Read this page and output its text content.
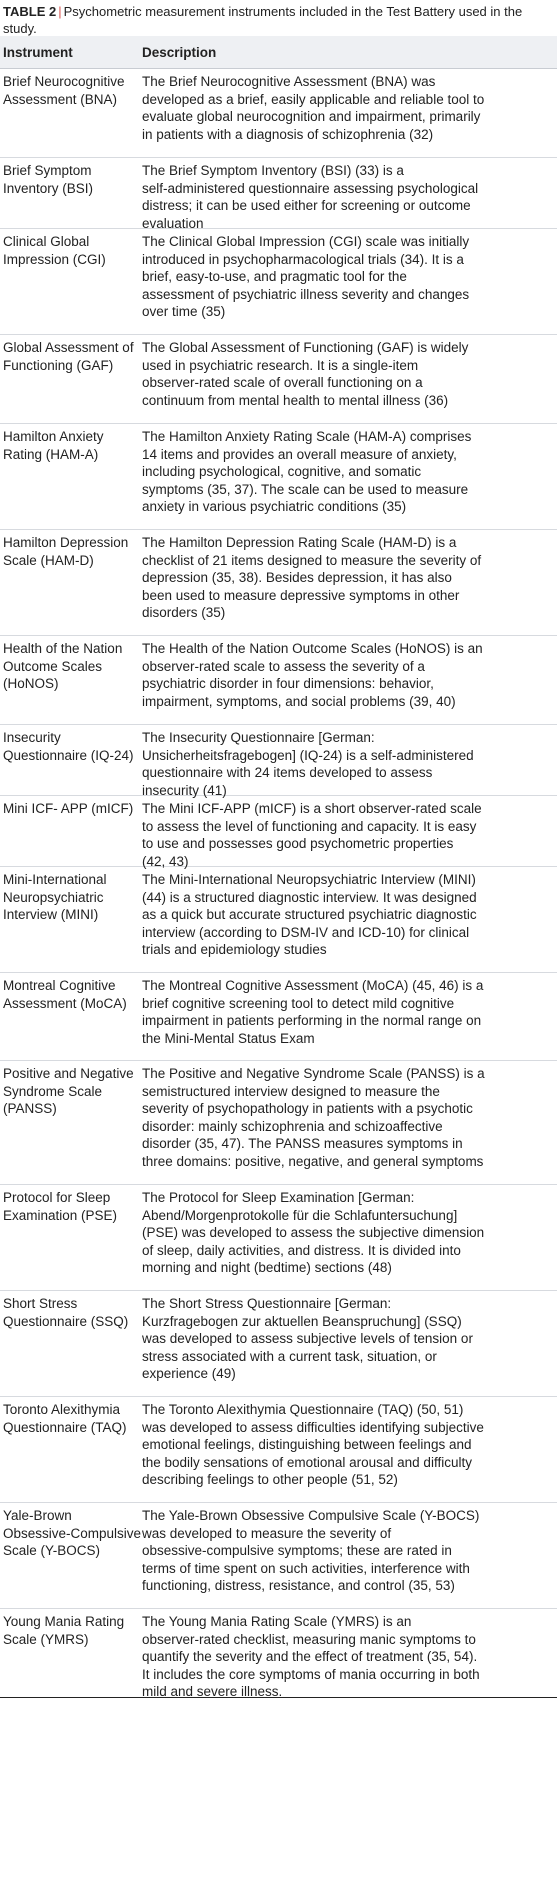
TABLE 2 | Psychometric measurement instruments included in the Test Battery used in the study.
Instrument	Description
Brief Neurocognitive
Assessment (BNA)
The Brief Neurocognitive Assessment (BNA) was
developed as a brief, easily applicable and reliable tool to
evaluate global neurocognition and impairment, primarily
in patients with a diagnosis of schizophrenia (32)
Brief Symptom
Inventory (BSI)
The Brief Symptom Inventory (BSI) (33) is a
self-administered questionnaire assessing psychological
distress; it can be used either for screening or outcome
evaluation
Clinical Global
Impression (CGI)
The Clinical Global Impression (CGI) scale was initially
introduced in psychopharmacological trials (34). It is a
brief, easy-to-use, and pragmatic tool for the
assessment of psychiatric illness severity and changes
over time (35)
Global Assessment of
Functioning (GAF)
The Global Assessment of Functioning (GAF) is widely
used in psychiatric research. It is a single-item
observer-rated scale of overall functioning on a
continuum from mental health to mental illness (36)
Hamilton Anxiety
Rating (HAM-A)
The Hamilton Anxiety Rating Scale (HAM-A) comprises
14 items and provides an overall measure of anxiety,
including psychological, cognitive, and somatic
symptoms (35, 37). The scale can be used to measure
anxiety in various psychiatric conditions (35)
Hamilton Depression
Scale (HAM-D)
The Hamilton Depression Rating Scale (HAM-D) is a
checklist of 21 items designed to measure the severity of
depression (35, 38). Besides depression, it has also
been used to measure depressive symptoms in other
disorders (35)
Health of the Nation
Outcome Scales
(HoNOS)
The Health of the Nation Outcome Scales (HoNOS) is an
observer-rated scale to assess the severity of a
psychiatric disorder in four dimensions: behavior,
impairment, symptoms, and social problems (39, 40)
Insecurity
Questionnaire (IQ-24)
The Insecurity Questionnaire [German:
Unsicherheitsfragebogen] (IQ-24) is a self-administered
questionnaire with 24 items developed to assess
insecurity (41)
Mini ICF- APP (mICF) The Mini ICF-APP (mICF) is a short observer-rated scale
to assess the level of functioning and capacity. It is easy
to use and possesses good psychometric properties
(42, 43)
Mini-International
Neuropsychiatric
Interview (MINI)
The Mini-International Neuropsychiatric Interview (MINI)
(44) is a structured diagnostic interview. It was designed
as a quick but accurate structured psychiatric diagnostic
interview (according to DSM-IV and ICD-10) for clinical
trials and epidemiology studies
Montreal Cognitive
Assessment (MoCA)
The Montreal Cognitive Assessment (MoCA) (45, 46) is a
brief cognitive screening tool to detect mild cognitive
impairment in patients performing in the normal range on
the Mini-Mental Status Exam
Positive and Negative
Syndrome Scale
(PANSS)
The Positive and Negative Syndrome Scale (PANSS) is a
semistructured interview designed to measure the
severity of psychopathology in patients with a psychotic
disorder: mainly schizophrenia and schizoaffective
disorder (35, 47). The PANSS measures symptoms in
three domains: positive, negative, and general symptoms
Protocol for Sleep
Examination (PSE)
The Protocol for Sleep Examination [German:
Abend/Morgenprotokolle für die Schlafuntersuchung]
(PSE) was developed to assess the subjective dimension
of sleep, daily activities, and distress. It is divided into
morning and night (bedtime) sections (48)
Short Stress
Questionnaire (SSQ)
The Short Stress Questionnaire [German:
Kurzfragebogen zur aktuellen Beanspruchung] (SSQ)
was developed to assess subjective levels of tension or
stress associated with a current task, situation, or
experience (49)
Toronto Alexithymia
Questionnaire (TAQ)
The Toronto Alexithymia Questionnaire (TAQ) (50, 51)
was developed to assess difficulties identifying subjective
emotional feelings, distinguishing between feelings and
the bodily sensations of emotional arousal and difficulty
describing feelings to other people (51, 52)
Yale-Brown
Obsessive-Compulsive
Scale (Y-BOCS)
The Yale-Brown Obsessive Compulsive Scale (Y-BOCS)
was developed to measure the severity of
obsessive-compulsive symptoms; these are rated in
terms of time spent on such activities, interference with
functioning, distress, resistance, and control (35, 53)
Young Mania Rating
Scale (YMRS)
The Young Mania Rating Scale (YMRS) is an
observer-rated checklist, measuring manic symptoms to
quantify the severity and the effect of treatment (35, 54).
It includes the core symptoms of mania occurring in both
mild and severe illness.
